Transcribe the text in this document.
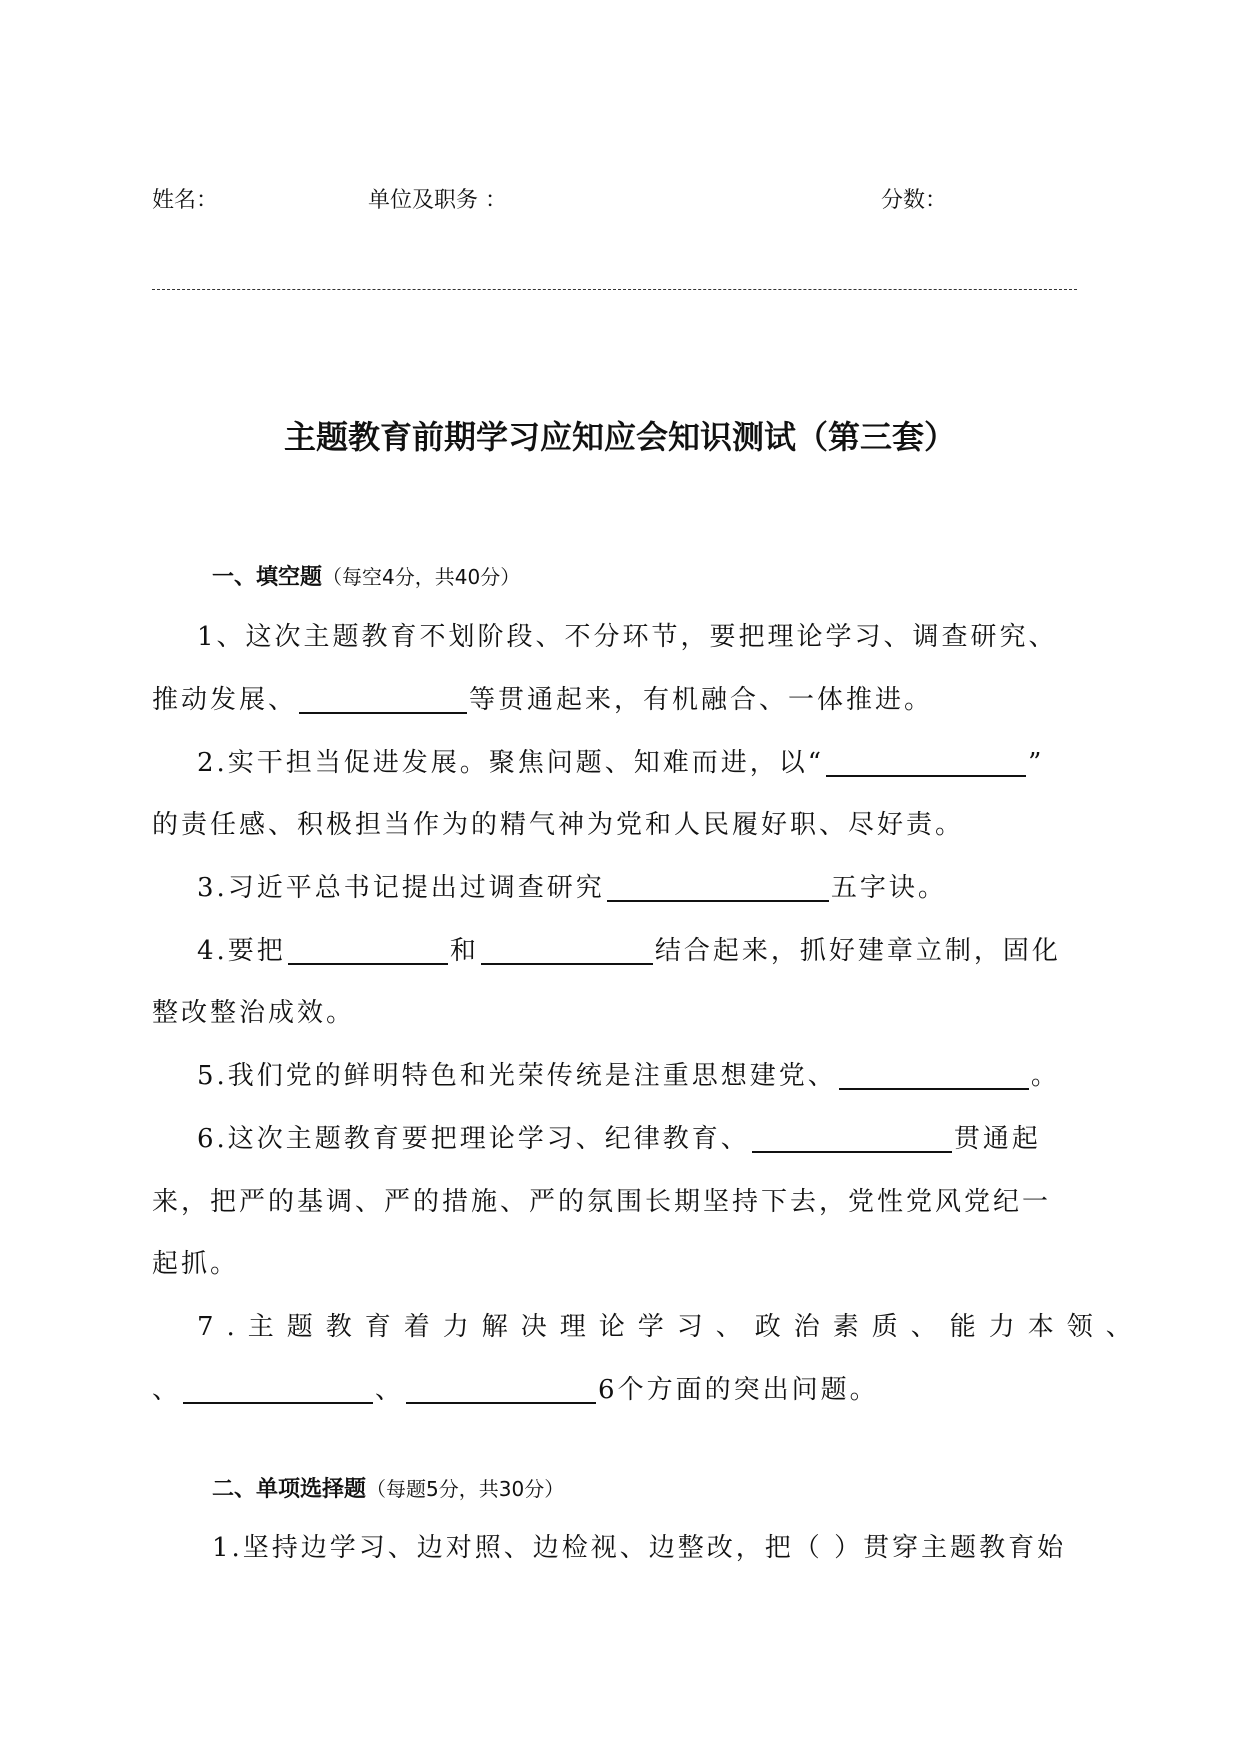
姓名：	单位及职务 ：	分数：
主题教育前期学习应知应会知识测试（第三套）
一、填空题（每空4分，共40分）
1、这次主题教育不划阶段、不分环节，要把理论学习、调查研究、
推动发展、	等贯通起来，有机融合、一体推进。
2.实干担当促进发展。聚焦问题、知难而进，以“	”
的责任感、积极担当作为的精气神为党和人民履好职、尽好责。
3.习近平总书记提出过调查研究	五字诀。
4.要把	和	结合起来，抓好建章立制，固化
整改整治成效。
5.我们党的鲜明特色和光荣传统是注重思想建党、	。
6.这次主题教育要把理论学习、纪律教育、	贯通起
来，把严的基调、严的措施、严的氛围长期坚持下去，党性党风党纪一
起抓。
7.主题教育着力解决理论学习、政治素质、能力本领、
、	、	6个方面的突出问题。
二、单项选择题（每题5分，共30分）
1.坚持边学习、边对照、边检视、边整改，把（ ）贯穿主题教育始
